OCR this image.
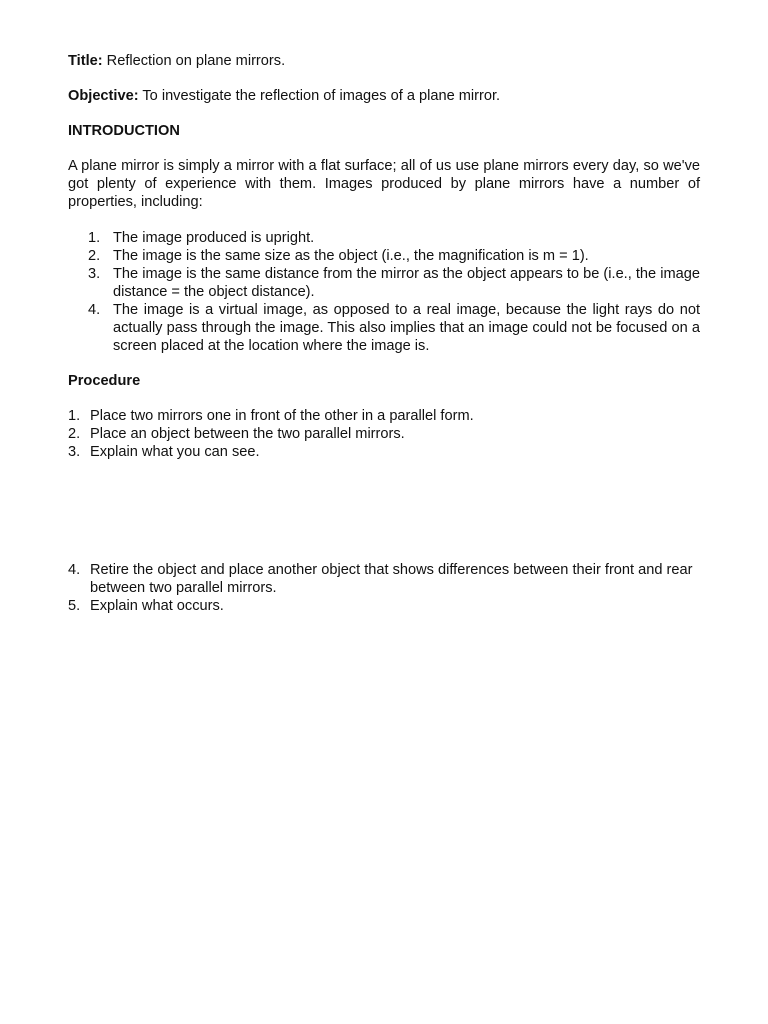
Title: Reflection on plane mirrors.

Objective: To investigate the reflection of images of a plane mirror.

INTRODUCTION

A plane mirror is simply a mirror with a flat surface; all of us use plane mirrors every day, so we've got plenty of experience with them. Images produced by plane mirrors have a number of properties, including:

1. The image produced is upright.
2. The image is the same size as the object (i.e., the magnification is m = 1).
3. The image is the same distance from the mirror as the object appears to be (i.e., the image distance = the object distance).
4. The image is a virtual image, as opposed to a real image, because the light rays do not actually pass through the image. This also implies that an image could not be focused on a screen placed at the location where the image is.

Procedure

1. Place two mirrors one in front of the other in a parallel form.
2. Place an object between the two parallel mirrors.
3. Explain what you can see.
4. Retire the object and place another object that shows differences between their front and rear between two parallel mirrors.
5. Explain what occurs.
